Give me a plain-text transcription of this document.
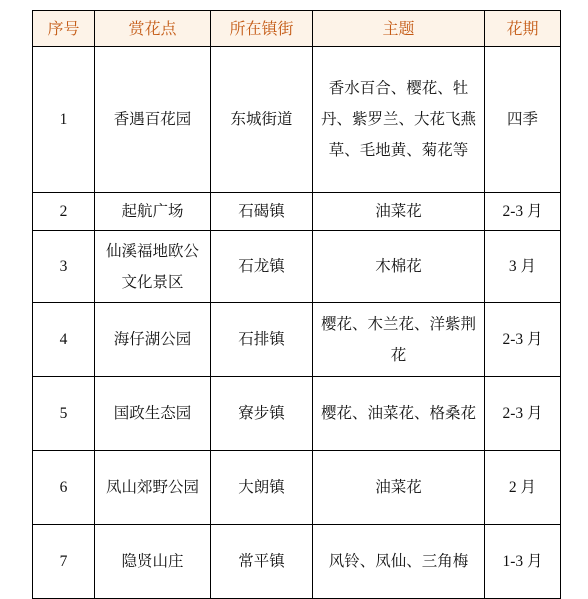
序号	赏花点	所在镇街	主题	花期
1	香遇百花园	东城街道	香水百合、樱花、牡丹、紫罗兰、大花飞燕草、毛地黄、菊花等	四季
2	起航广场	石碣镇	油菜花	2-3 月
3	仙溪福地欧公文化景区	石龙镇	木棉花	3 月
4	海仔湖公园	石排镇	樱花、木兰花、洋紫荆花	2-3 月
5	国政生态园	寮步镇	樱花、油菜花、格桑花	2-3 月
6	凤山郊野公园	大朗镇	油菜花	2 月
7	隐贤山庄	常平镇	风铃、凤仙、三角梅	1-3 月
